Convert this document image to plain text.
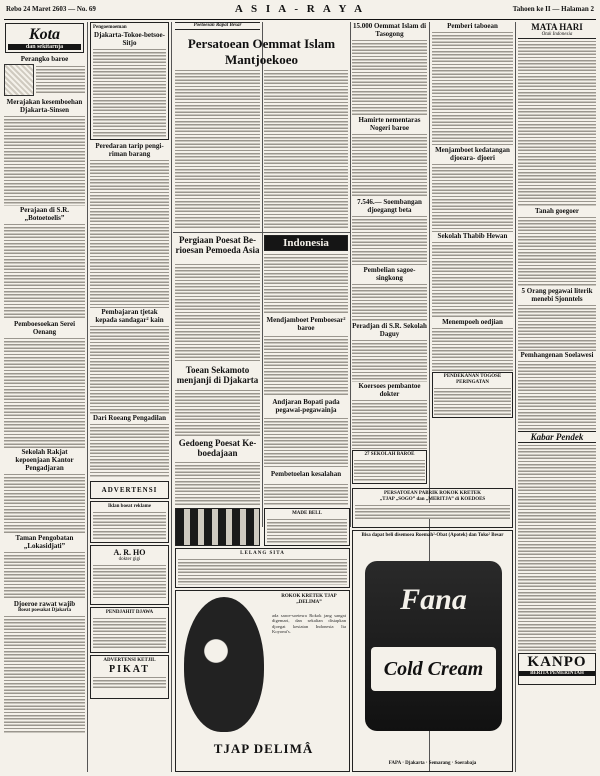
Rebo 24 Maret 2603 — No. 69	A S I A - R A Y A	Tahoen ke II — Halaman 2
Kota
dan sekitarnja
Perangko baroe
Merajakan kesemboehan Djakarta-Sinsen
Perajaan di S.R. „Botoetoelis”
Pemboesoekan Serei Oenang
Sekolah Rakjat kepoenjaan Kantor Pengadjaran
Taman Pengobatan „Lokasidjati”
Djoeroe rawat wajib
Boeat poesakat Djakarta
Pengoemoeman
Djakarta-Tokoe-betsoe-Sitjo
Peredaran tarip pengi-riman barang
Pembajaran tjetak kepada sandagar² kain
Dari Roeang Pengadilan
ADVERTENSI
Iklan boeat reklame
A. R. HO
dokter gigi
PENDJAHIT DJAWA
ADVERTENSI KETJIL
PIKAT
Poetoesan Rapat Besar
Persatoean Oemmat Islam Mantjoekoeo
Pergiaan Poesat Be-rioesan Pemoeda Asia
Toean Sekamoto menjanji di Djakarta
Gedoeng Poesat Ke-boedajaan
Indonesia
Mendjamboet Pemboesar² baroe
Andjaran Bopati pada pegawai-pegawainja
Pembetoelan kesalahan
15.000 Oemmat Islam di Tasogong
Hamirte nementaras Nogeri baroe
7.546.— Soembangan djoegangt beta
Pembelian sagoe-singkong
Peradjan di S.R. Sekolah Daguy
Koersoes pembantoe dokter
27 SEKOLAH BAROE
Pemberi taboean
Menjamboet kedatangan djoeara- djoeri
Sekolah Thabib Hewan
Menempoeh oedjian
PENDEKANAN TOGOSE PERINGATAN
MATA HARI
Otak Indonesia
Tanah goegoer
5 Orang pegawai literik menebi Sjonntels
Pemhangenan Soelawesi
Kabar Pendek
KANPO
BERITA PEMERINTAH
MADE BELL
LELANG SITA
ROKOK KRETEK TJAP „DELIMA”
ada saroe-soetesra Rokok jang sangat digemari, dan sekalian disiapkan djoegat kesiatan Indonesia Ita Koyomi's.
TJAP DELIMÂ
PERSATOEAN PABRIK ROKOK KRETEK
„TJAP „SOGO” dan „MERITJA” di KOEDOES
Bisa dapat beli disemoea Roemah²-Obat (Apotek) dan Toko² Besar
Fana
Cold Cream
FAPA · Djakarta · Semarang · Soerabaja
